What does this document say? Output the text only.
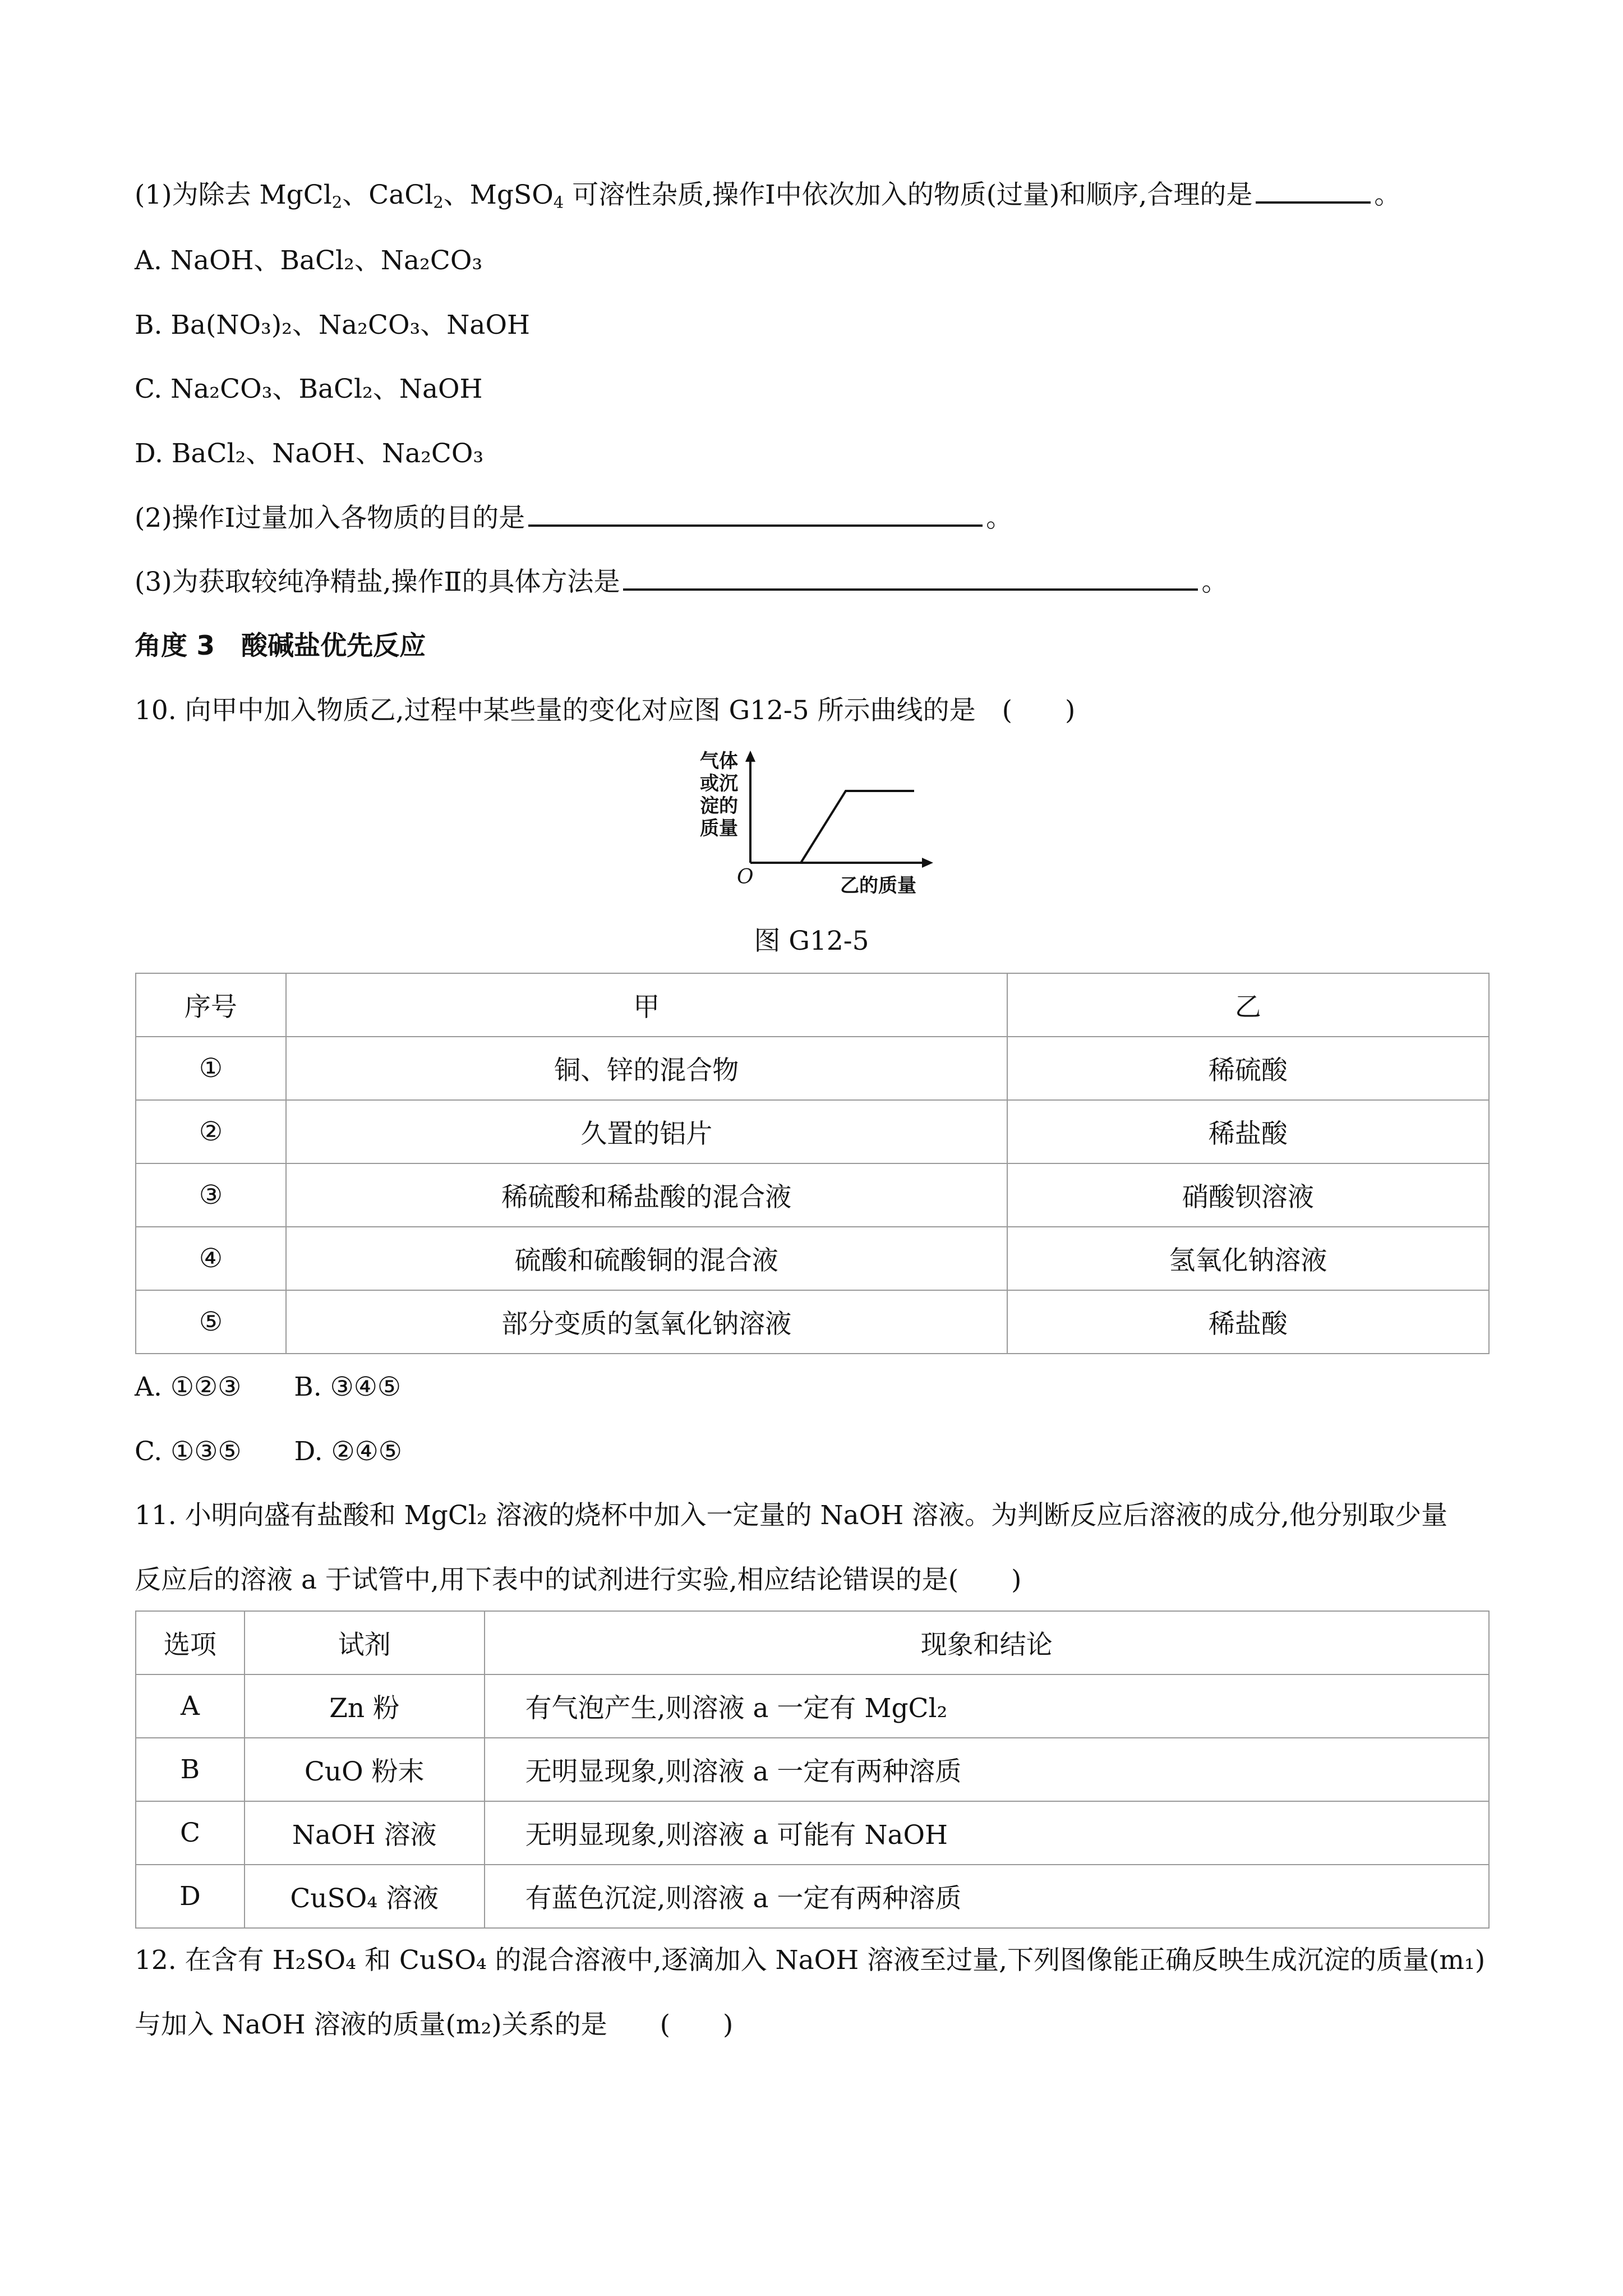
(1)为除去 MgCl$_2$、CaCl$_2$、MgSO$_4$ 可溶性杂质,操作Ⅰ中依次加入的物质(过量)和顺序,合理的是	。
A. NaOH、BaCl₂、Na₂CO₃
B. Ba(NO₃)₂、Na₂CO₃、NaOH
C. Na₂CO₃、BaCl₂、NaOH
D. BaCl₂、NaOH、Na₂CO₃
(2)操作Ⅰ过量加入各物质的目的是	。
(3)为获取较纯净精盐,操作Ⅱ的具体方法是	。
角度 3　酸碱盐优先反应
10. 向甲中加入物质乙,过程中某些量的变化对应图 G12-5 所示曲线的是　(　　)
气体
或沉
淀的
质量
乙的质量
O
图 G12-5
序号	甲	乙
①	铜、锌的混合物	稀硫酸
②	久置的铝片	稀盐酸
③	稀硫酸和稀盐酸的混合液	硝酸钡溶液
④	硫酸和硫酸铜的混合液	氢氧化钠溶液
⑤	部分变质的氢氧化钠溶液	稀盐酸
A. ①②③　　B. ③④⑤
C. ①③⑤　　D. ②④⑤
11. 小明向盛有盐酸和 MgCl₂ 溶液的烧杯中加入一定量的 NaOH 溶液。为判断反应后溶液的成分,他分别取少量
反应后的溶液 a 于试管中,用下表中的试剂进行实验,相应结论错误的是(　　)
选项	试剂	现象和结论
A	Zn 粉	有气泡产生,则溶液 a 一定有 MgCl₂
B	CuO 粉末	无明显现象,则溶液 a 一定有两种溶质
C	NaOH 溶液	无明显现象,则溶液 a 可能有 NaOH
D	CuSO₄ 溶液	有蓝色沉淀,则溶液 a 一定有两种溶质
12. 在含有 H₂SO₄ 和 CuSO₄ 的混合溶液中,逐滴加入 NaOH 溶液至过量,下列图像能正确反映生成沉淀的质量(m₁)
与加入 NaOH 溶液的质量(m₂)关系的是　　(　　)
